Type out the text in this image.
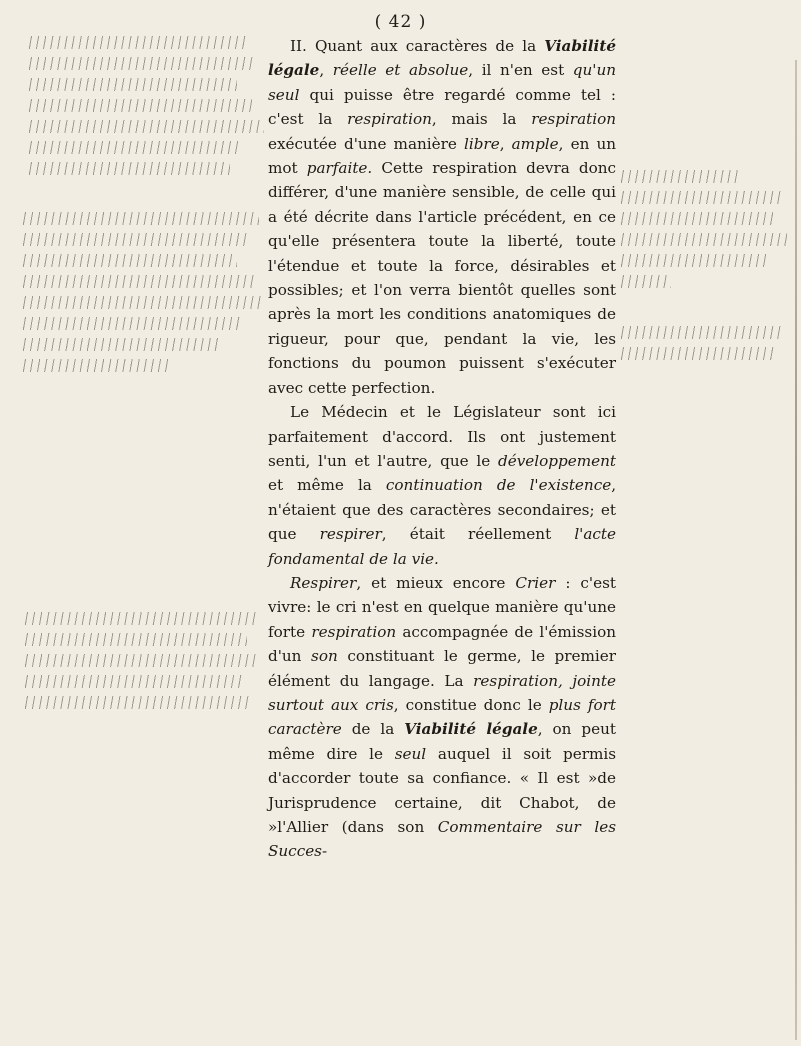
( 42 )

II. Quant aux caractères de la Viabilité légale, réelle et absolue, il n'en est qu'un seul qui puisse être regardé comme tel : c'est la respiration, mais la respiration exécutée d'une manière libre, ample, en un mot parfaite. Cette respiration devra donc différer, d'une manière sensible, de celle qui a été décrite dans l'article précédent, en ce qu'elle présentera toute la liberté, toute l'étendue et toute la force, désirables et possibles; et l'on verra bientôt quelles sont après la mort les conditions anatomiques de rigueur, pour que, pendant la vie, les fonctions du poumon puissent s'exécuter avec cette perfection.

Le Médecin et le Législateur sont ici parfaitement d'accord. Ils ont justement senti, l'un et l'autre, que le développement et même la continuation de l'existence, n'étaient que des caractères secondaires; et que respirer, était réellement l'acte fondamental de la vie.

Respirer, et mieux encore Crier : c'est vivre: le cri n'est en quelque manière qu'une forte respiration accompagnée de l'émission d'un son constituant le germe, le premier élément du langage. La respiration, jointe surtout aux cris, constitue donc le plus fort caractère de la Viabilité légale, on peut même dire le seul auquel il soit permis d'accorder toute sa confiance. « Il est »de Jurisprudence certaine, dit Chabot, de »l'Allier (dans son Commentaire sur les Succes-
